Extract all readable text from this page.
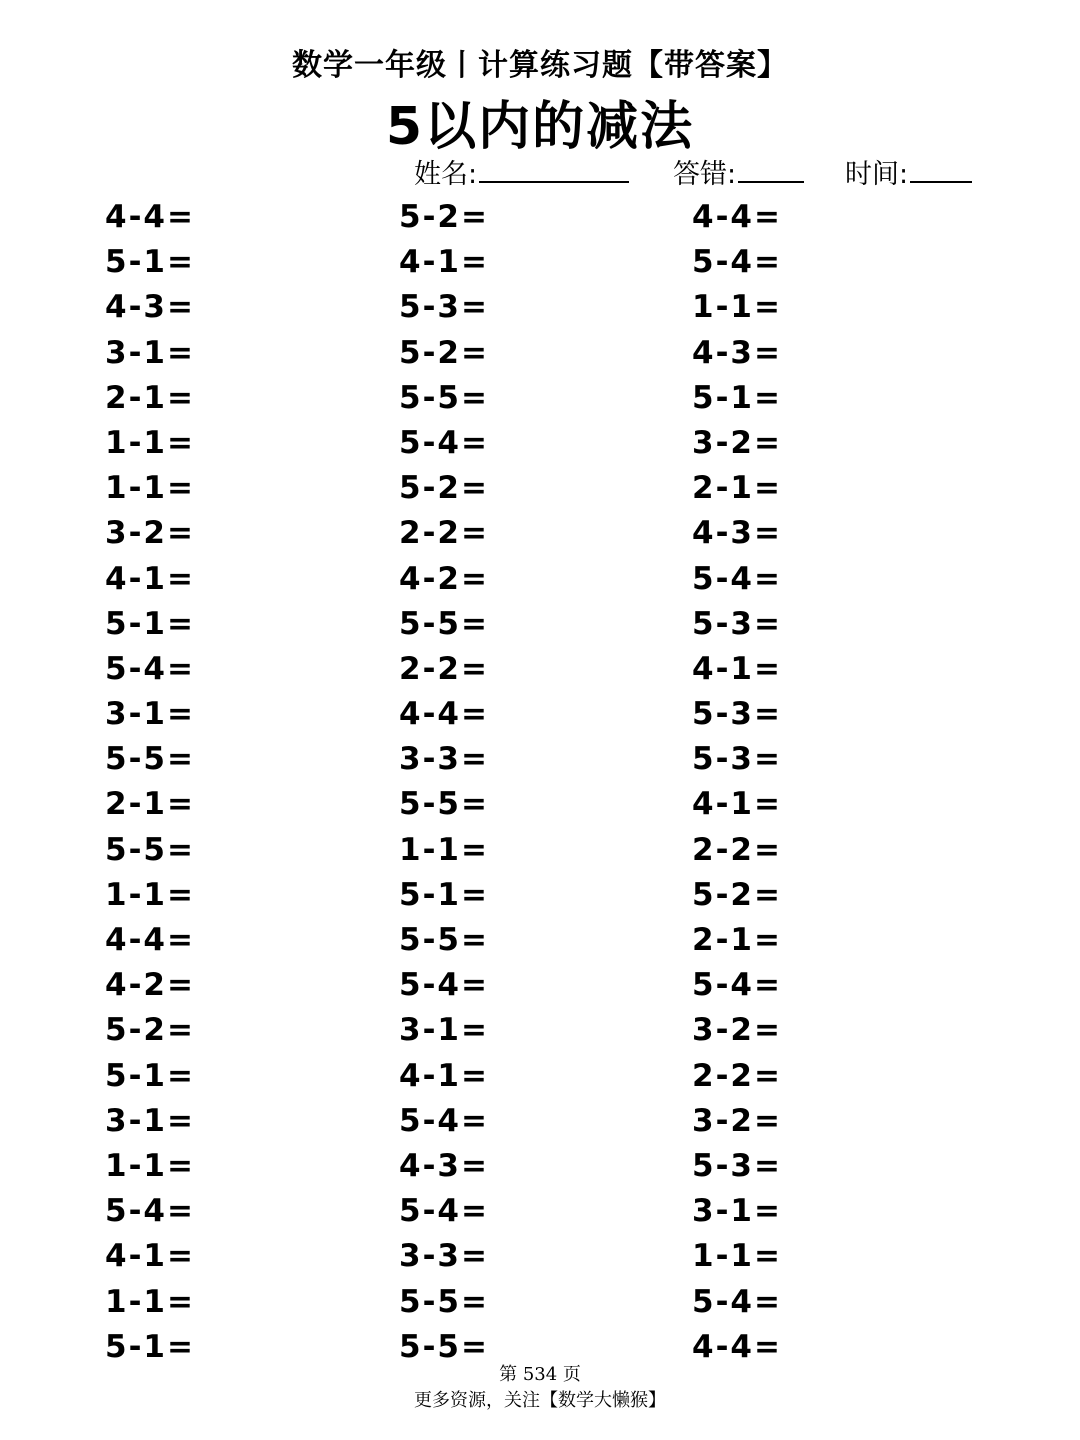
数学一年级丨计算练习题【带答案】
5以内的减法
姓名:	答错:	时间:
4-4=	5-2=	4-4=
5-1=	4-1=	5-4=
4-3=	5-3=	1-1=
3-1=	5-2=	4-3=
2-1=	5-5=	5-1=
1-1=	5-4=	3-2=
1-1=	5-2=	2-1=
3-2=	2-2=	4-3=
4-1=	4-2=	5-4=
5-1=	5-5=	5-3=
5-4=	2-2=	4-1=
3-1=	4-4=	5-3=
5-5=	3-3=	5-3=
2-1=	5-5=	4-1=
5-5=	1-1=	2-2=
1-1=	5-1=	5-2=
4-4=	5-5=	2-1=
4-2=	5-4=	5-4=
5-2=	3-1=	3-2=
5-1=	4-1=	2-2=
3-1=	5-4=	3-2=
1-1=	4-3=	5-3=
5-4=	5-4=	3-1=
4-1=	3-3=	1-1=
1-1=	5-5=	5-4=
5-1=	5-5=	4-4=
第 534 页
更多资源，关注【数学大懒猴】
